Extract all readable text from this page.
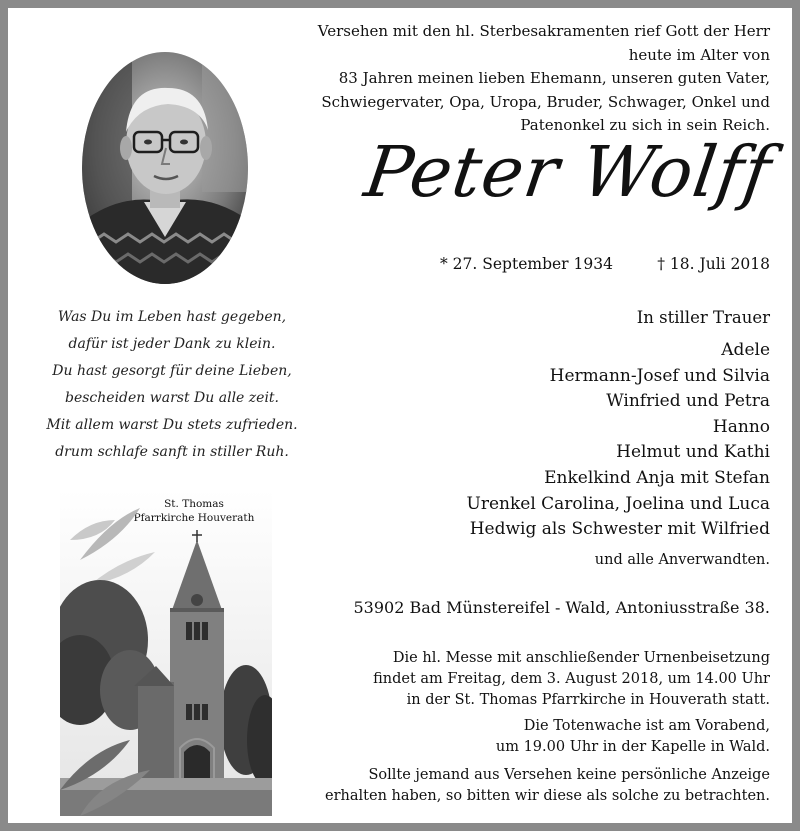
Versehen mit den hl. Sterbesakramenten rief Gott der Herr heute im Alter von
83 Jahren meinen lieben Ehemann, unseren guten Vater,
Schwiegervater, Opa, Uropa, Bruder, Schwager, Onkel und
Patenonkel zu sich in sein Reich.
Peter Wolff
* 27. September 1934	† 18. Juli 2018
Was Du im Leben hast gegeben,
dafür ist jeder Dank zu klein.
Du hast gesorgt für deine Lieben,
bescheiden warst Du alle zeit.
Mit allem warst Du stets zufrieden.
drum schlafe sanft in stiller Ruh.
St. Thomas
Pfarrkirche Houverath
In stiller Trauer
Adele
Hermann-Josef und Silvia
Winfried und Petra
Hanno
Helmut und Kathi
Enkelkind Anja mit Stefan
Urenkel Carolina, Joelina und Luca
Hedwig als Schwester mit Wilfried
und alle Anverwandten.
53902 Bad Münstereifel - Wald, Antoniusstraße 38.
Die hl. Messe mit anschließender Urnenbeisetzung
findet am Freitag, dem 3. August 2018, um 14.00 Uhr
in der St. Thomas Pfarrkirche in Houverath statt.
Die Totenwache ist am Vorabend,
um 19.00 Uhr in der Kapelle in Wald.
Sollte jemand aus Versehen keine persönliche Anzeige
erhalten haben, so bitten wir diese als solche zu betrachten.
